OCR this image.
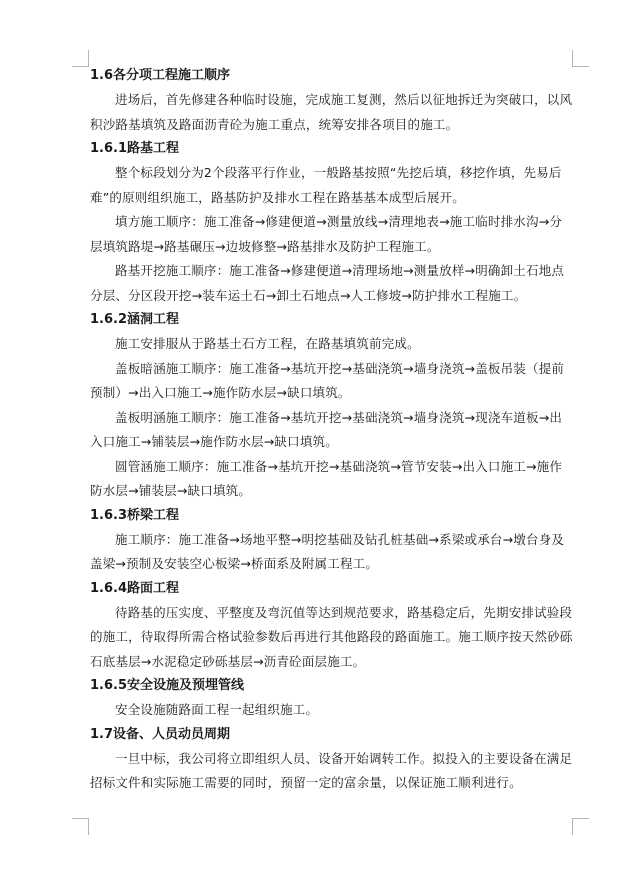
1.6各分项工程施工顺序

进场后，首先修建各种临时设施，完成施工复测，然后以征地拆迁为突破口，以风积沙路基填筑及路面沥青砼为施工重点，统筹安排各项目的施工。

1.6.1路基工程

整个标段划分为2个段落平行作业，一般路基按照“先挖后填，移挖作填，先易后难”的原则组织施工，路基防护及排水工程在路基基本成型后展开。

填方施工顺序：施工准备→修建便道→测量放线→清理地表→施工临时排水沟→分层填筑路堤→路基碾压→边坡修整→路基排水及防护工程施工。

路基开挖施工顺序：施工准备→修建便道→清理场地→测量放样→明确卸土石地点分层、分区段开挖→装车运土石→卸土石地点→人工修坡→防护排水工程施工。

1.6.2涵洞工程

施工安排服从于路基土石方工程，在路基填筑前完成。

盖板暗涵施工顺序：施工准备→基坑开挖→基础浇筑→墙身浇筑→盖板吊装（提前预制）→出入口施工→施作防水层→缺口填筑。

盖板明涵施工顺序：施工准备→基坑开挖→基础浇筑→墙身浇筑→现浇车道板→出入口施工→铺装层→施作防水层→缺口填筑。

圆管涵施工顺序：施工准备→基坑开挖→基础浇筑→管节安装→出入口施工→施作防水层→铺装层→缺口填筑。

1.6.3桥梁工程

施工顺序：施工准备→场地平整→明挖基础及钻孔桩基础→系梁或承台→墩台身及盖梁→预制及安装空心板梁→桥面系及附属工程工。

1.6.4路面工程

待路基的压实度、平整度及弯沉值等达到规范要求，路基稳定后，先期安排试验段的施工，待取得所需合格试验参数后再进行其他路段的路面施工。施工顺序按天然砂砾石底基层→水泥稳定砂砾基层→沥青砼面层施工。

1.6.5安全设施及预埋管线

安全设施随路面工程一起组织施工。

1.7设备、人员动员周期

一旦中标，我公司将立即组织人员、设备开始调转工作。拟投入的主要设备在满足招标文件和实际施工需要的同时，预留一定的富余量，以保证施工顺利进行。
